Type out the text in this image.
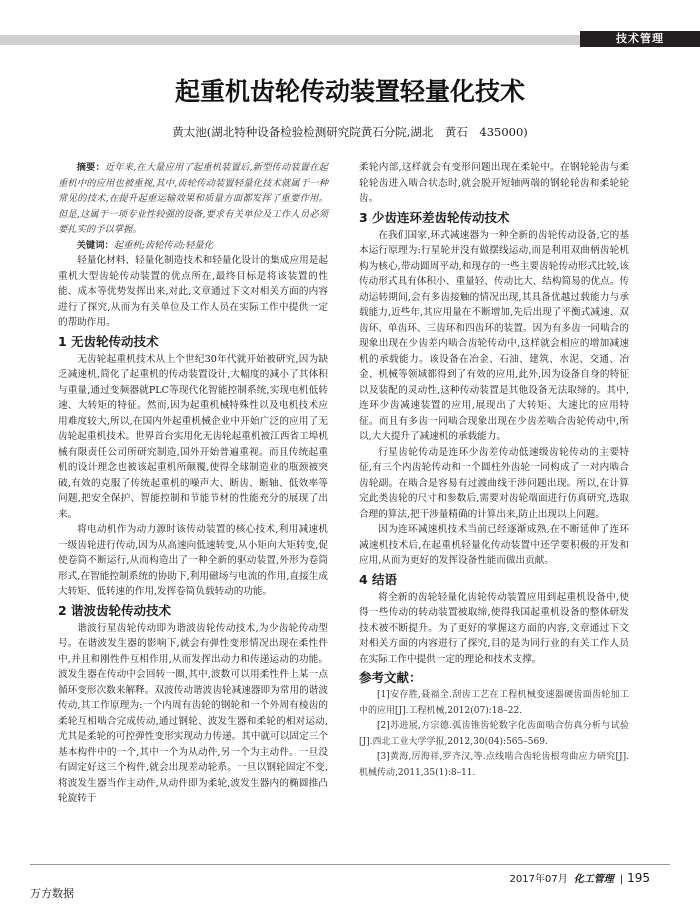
技术管理
起重机齿轮传动装置轻量化技术
黄太池(湖北特种设备检验检测研究院黄石分院,湖北　黄石　435000)

摘要：近年来,在大量应用了起重机装置后,新型传动装置在起重机中的应用也被重视,其中,齿轮传动装置轻量化技术就属于一种常见的技术,在提升起重运输效果和质量方面都发挥了重要作用。但是,这属于一项专业性较强的设备,要求有关单位及工作人员必须要扎实的予以掌握。

关键词：起重机;齿轮传动;轻量化

轻量化材料、轻量化制造技术和轻量化设计的集成应用是起重机大型齿轮传动装置的优点所在,最终目标是将该装置的性能、成本等优势发挥出来,对此,文章通过下文对相关方面的内容进行了探究,从而为有关单位及工作人员在实际工作中提供一定的帮助作用。

1 无齿轮传动技术

无齿轮起重机技术从上个世纪30年代就开始被研究,因为缺乏减速机,简化了起重机的传动装置设计,大幅度的减小了其体积与重量,通过变频器就PLC等现代化智能控制系统,实现电机低转速、大转矩的特征。然而,因为起重机械特殊性以及电机技术应用难度较大,所以,在国内外起重机械企业中开始广泛的应用了无齿轮起重机技术。世界首台实用化无齿轮起重机被江西省工埠机械有限责任公司所研究制造,国外开始普遍重视。而且传统起重机的设计理念也被该起重机所颠覆,使得全球制造业的瓶颈被突破,有效的克服了传统起重机的噪声大、断齿、断轴、低效率等问题,把安全保护、智能控制和节能节材的性能充分的展现了出来。

将电动机作为动力源时该传动装置的核心技术,利用减速机一级齿轮进行传动,因为从高速向低速转变,从小矩向大矩转变,促使卷筒不断运行,从而构造出了一种全新的驱动装置,外形为卷筒形式,在智能控制系统的协助下,利用磁场与电流的作用,直接生成大转矩、低转速的作用,发挥卷筒负载转动的功能。

2 谐波齿轮传动技术

谐波行星齿轮传动即为谐波齿轮传动技术,为少齿轮传动型号。在谐波发生器的影响下,就会有弹性变形情况出现在柔性件中,并且和刚性件互相作用,从而发挥出动力和传递运动的功能。波发生器在传动中会回转一圈,其中,波数可以用柔性件上某一点循环变形次数来解释。双波传动谐波齿轮减速器即为常用的谐波传动,其工作原理为:一个内周有齿轮的钢轮和一个外周有棱齿的柔轮互相啮合完成传动,通过钢轮、波发生器和柔轮的相对运动,尤其是柔轮的可控弹性变形实现动力传递。其中就可以固定三个基本构件中的一个,其中一个为从动件,另一个为主动件。一旦没有固定好这三个构件,就会出现差动轮系。一旦以钢轮固定不变,将波发生器当作主动件,从动件即为柔轮,波发生器内的椭圆推凸轮旋转于

柔轮内部,这样就会有变形问题出现在柔轮中。在钢轮轮齿与柔轮轮齿进入啮合状态时,就会脱开短轴两端的钢轮轮齿和柔轮轮齿。

3 少齿连环差齿轮传动技术

在我们国家,环式减速器为一种全新的齿轮传动设备,它的基本运行原理为:行星轮并没有做摆线运动,而是利用双曲柄齿轮机构为核心,带动圆周平动,和现存的一些主要齿轮传动形式比较,该传动形式具有体积小、重量轻、传动比大、结构简易的优点。传动运转期间,会有多齿接触的情况出现,其具备优越过载能力与承载能力,近些年,其应用量在不断增加,先后出现了平衡式减速、双齿环、单齿环、三齿环和四齿环的装置。因为有多齿一同啮合的现象出现在少齿差内啮合齿轮传动中,这样就会相应的增加减速机的承载能力。该设备在冶金、石油、建筑、水泥、交通、冶金、机械等领域都得到了有效的应用,此外,因为设备自身的特征以及装配的灵动性,这种传动装置是其他设备无法取缔的。其中,连环少齿减速装置的应用,展现出了大转矩、大速比的应用特征。而且有多齿一同啮合现象出现在少齿差啮合齿轮传动中,所以,大大提升了减速机的承载能力。

行星齿轮传动是连环少齿差传动低速级齿轮传动的主要特征,有三个内齿轮传动和一个圆柱外齿轮一同构成了一对内啮合齿轮副。在啮合是容易有过渡曲线干涉问题出现。所以,在计算完此类齿轮的尺寸和参数后,需要对齿轮端面进行仿真研究,选取合理的算法,把干涉量精确的计算出来,防止出现以上问题。

因为连环减速机技术当前已经逐渐成熟,在不断延伸了连环减速机技术后,在起重机轻量化传动装置中还学要积极的开发和应用,从而为更好的发挥设备性能而做出贡献。

4 结语

将全新的齿轮轻量化齿轮传动装置应用到起重机设备中,使得一些传动的转动装置被取缔,使得我国起重机设备的整体研发技术被不断提升。为了更好的掌握这方面的内容,文章通过下文对相关方面的内容进行了探究,目的是为同行业的有关工作人员在实际工作中提供一定的理论和技术支撑。

参考文献：

[1]安存胜,聂福全.刮齿工艺在工程机械变速器硬齿面齿轮加工中的应用[J].工程机械,2012(07):18–22.

[2]苏进展,方宗德.弧齿锥齿轮数字化齿面啮合仿真分析与试验[J].西北工业大学学报,2012,30(04):565–569.

[3]黄海,厉海祥,罗齐汉,等.点线啮合齿轮齿根弯曲应力研究[J].机械传动,2011,35(1):8–11.

2017年07月 化工管理 | 195
万方数据
